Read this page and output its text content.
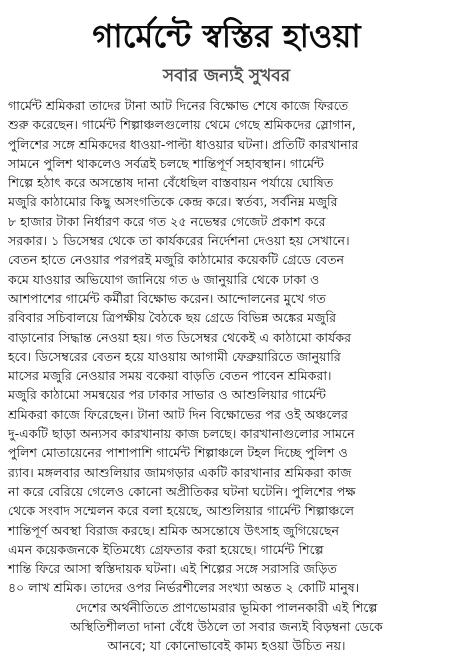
গার্মেন্টে স্বস্তির হাওয়া
সবার জন্যই সুখবর
গার্মেন্ট শ্রমিকরা তাদের টানা আট দিনের বিক্ষোভ শেষে কাজে ফিরতে
শুরু করেছেন। গার্মেন্ট শিল্পাঞ্চলগুলোয় থেমে গেছে শ্রমিকদের স্লোগান,
পুলিশের সঙ্গে শ্রমিকদের ধাওয়া-পাল্টা ধাওয়ার ঘটনা। প্রতিটি কারখানার
সামনে পুলিশ থাকলেও সর্বত্রই চলছে শান্তিপূর্ণ সহাবস্থান। গার্মেন্ট
শিল্পে হঠাৎ করে অসন্তোষ দানা বেঁধেছিল বাস্তবায়ন পর্যায়ে ঘোষিত
মজুরি কাঠামোর কিছু অসংগতিকে কেন্দ্র করে। স্বর্তব্য, সর্বনিম্ন মজুরি
৮ হাজার টাকা নির্ধারণ করে গত ২৫ নভেম্বর গেজেট প্রকাশ করে
সরকার। ১ ডিসেম্বর থেকে তা কার্যকরের নির্দেশনা দেওয়া হয় সেখানে।
বেতন হাতে নেওয়ার পরপরই মজুরি কাঠামোর কয়েকটি গ্রেডে বেতন
কমে যাওয়ার অভিযোগ জানিয়ে গত ৬ জানুয়ারি থেকে ঢাকা ও
আশপাশের গার্মেন্ট কর্মীরা বিক্ষোভ করেন। আন্দোলনের মুখে গত
রবিবার সচিবালয়ে ত্রিপক্ষীয় বৈঠকে ছয় গ্রেডে বিভিন্ন অঙ্কের মজুরি
বাড়ানোর সিদ্ধান্ত নেওয়া হয়। গত ডিসেম্বর থেকেই এ কাঠামো কার্যকর
হবে। ডিসেম্বরের বেতন হয়ে যাওয়ায় আগামী ফেব্রুয়ারিতে জানুয়ারি
মাসের মজুরি নেওয়ার সময় বকেয়া বাড়তি বেতন পাবেন শ্রমিকরা।
মজুরি কাঠামো সমন্বয়ের পর ঢাকার সাভার ও আশুলিয়ার গার্মেন্ট
শ্রমিকরা কাজে ফিরেছেন। টানা আট দিন বিক্ষোভের পর ওই অঞ্চলের
দু-একটি ছাড়া অন্যসব কারখানায় কাজ চলছে। কারখানাগুলোর সামনে
পুলিশ মোতায়েনের পাশাপাশি গার্মেন্ট শিল্পাঞ্চলে টহল দিচ্ছে পুলিশ ও
র‌্যাব। মঙ্গলবার আশুলিয়ার জামগড়ার একটি কারখানার শ্রমিকরা কাজ
না করে বেরিয়ে গেলেও কোনো অপ্রীতিকর ঘটনা ঘটেনি। পুলিশের পক্ষ
থেকে সংবাদ সম্মেলন করে বলা হয়েছে, আশুলিয়ার গার্মেন্ট শিল্পাঞ্চলে
শান্তিপূর্ণ অবস্থা বিরাজ করছে। শ্রমিক অসন্তোষে উৎসাহ জুগিয়েছেন
এমন কয়েকজনকে ইতিমধ্যে গ্রেফতার করা হয়েছে। গার্মেন্ট শিল্পে
শান্তি ফিরে আসা স্বস্তিদায়ক ঘটনা। এই শিল্পের সঙ্গে সরাসরি জড়িত
৪০ লাখ শ্রমিক। তাদের ওপর নির্ভরশীলের সংখ্যা অন্তত ২ কোটি মানুষ।
দেশের অর্থনীতিতে প্রাণভোমরার ভূমিকা পালনকারী এই শিল্পে
অস্থিতিশীলতা দানা বেঁধে উঠলে তা সবার জন্যই বিড়ম্বনা ডেকে
আনবে; যা কোনোভাবেই কাম্য হওয়া উচিত নয়।
